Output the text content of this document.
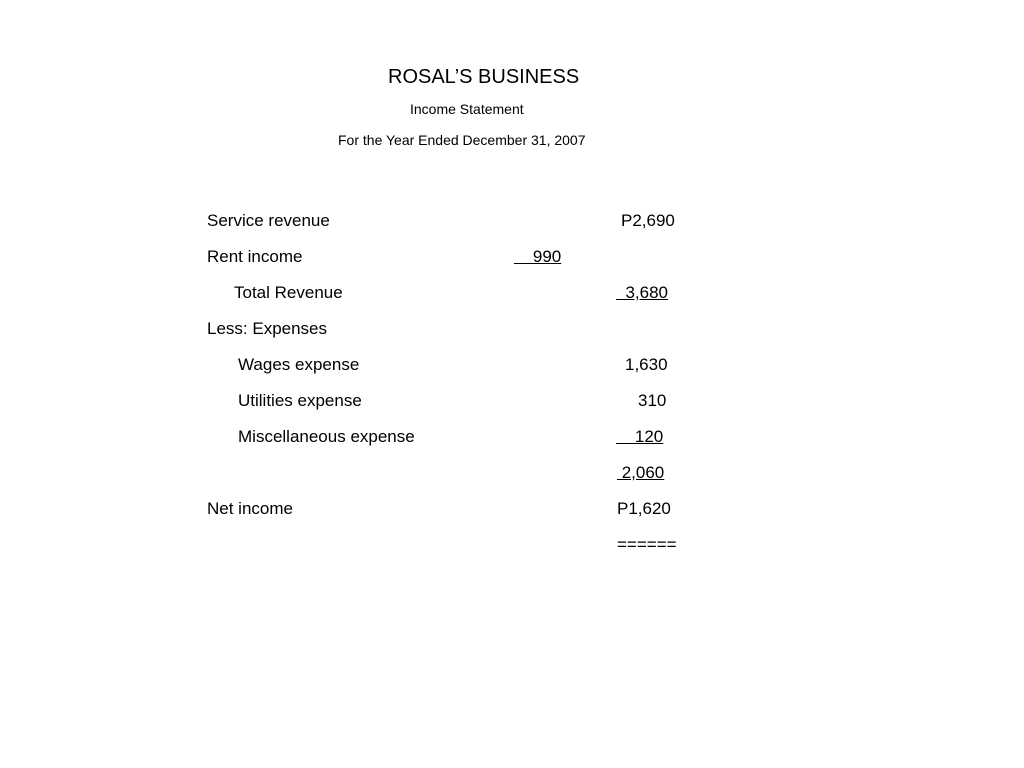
ROSAL’S BUSINESS
Income Statement
For the Year Ended December 31, 2007
Service revenue	P2,690
Rent income	990
Total Revenue	3,680
Less: Expenses
Wages expense	1,630
Utilities expense	310
Miscellaneous expense	120
2,060
Net income	P1,620
======
